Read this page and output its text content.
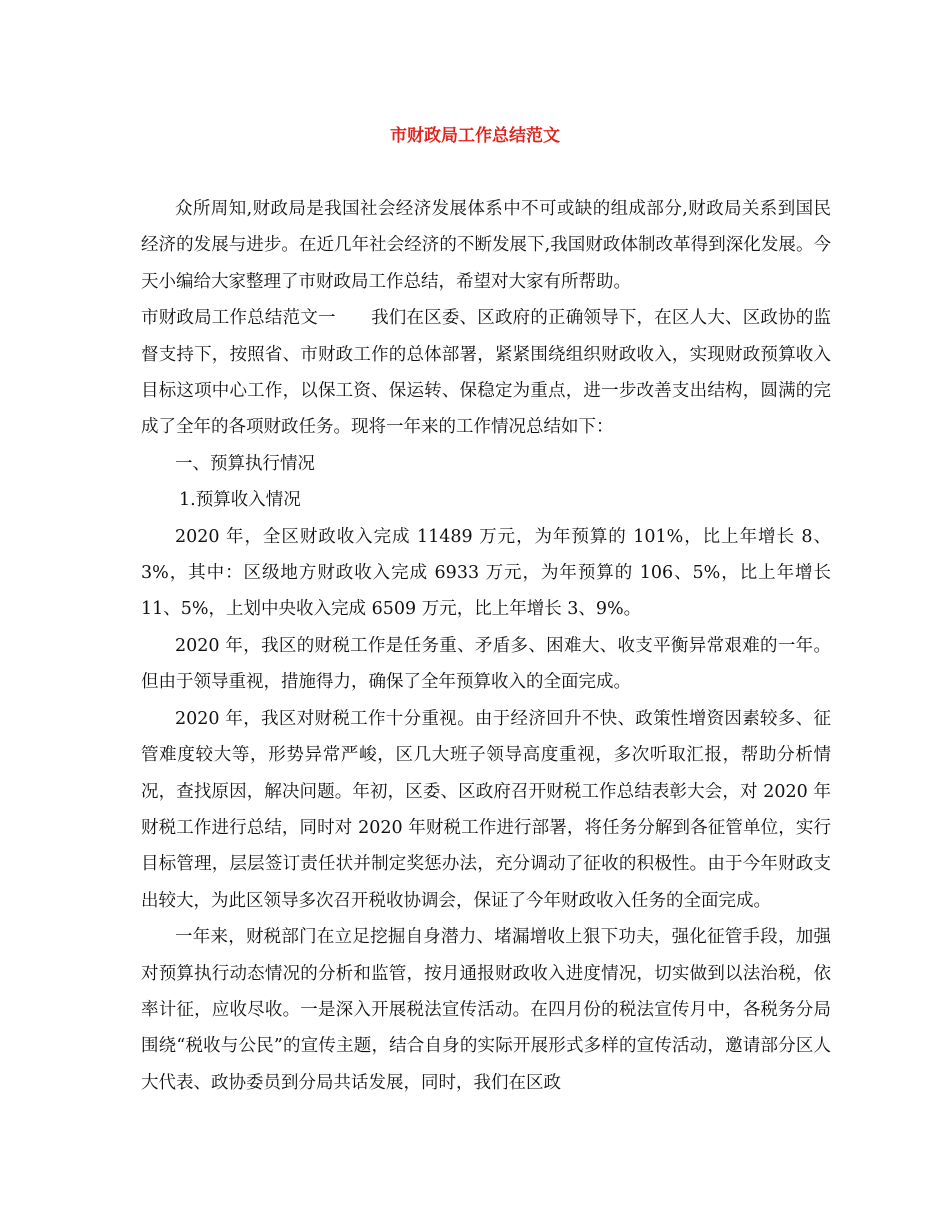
市财政局工作总结范文

众所周知,财政局是我国社会经济发展体系中不可或缺的组成部分,财政局关系到国民经济的发展与进步。在近几年社会经济的不断发展下,我国财政体制改革得到深化发展。今天小编给大家整理了市财政局工作总结，希望对大家有所帮助。

市财政局工作总结范文一　　我们在区委、区政府的正确领导下，在区人大、区政协的监督支持下，按照省、市财政工作的总体部署，紧紧围绕组织财政收入，实现财政预算收入目标这项中心工作，以保工资、保运转、保稳定为重点，进一步改善支出结构，圆满的完成了全年的各项财政任务。现将一年来的工作情况总结如下：

一、预算执行情况

1.预算收入情况

2020 年，全区财政收入完成 11489 万元，为年预算的 101%，比上年增长 8、3%，其中：区级地方财政收入完成 6933 万元，为年预算的 106、5%，比上年增长 11、5%，上划中央收入完成 6509 万元，比上年增长 3、9%。

2020 年，我区的财税工作是任务重、矛盾多、困难大、收支平衡异常艰难的一年。但由于领导重视，措施得力，确保了全年预算收入的全面完成。

2020 年，我区对财税工作十分重视。由于经济回升不快、政策性增资因素较多、征管难度较大等，形势异常严峻，区几大班子领导高度重视，多次听取汇报，帮助分析情况，查找原因，解决问题。年初，区委、区政府召开财税工作总结表彰大会，对 2020 年财税工作进行总结，同时对 2020 年财税工作进行部署，将任务分解到各征管单位，实行目标管理，层层签订责任状并制定奖惩办法，充分调动了征收的积极性。由于今年财政支出较大，为此区领导多次召开税收协调会，保证了今年财政收入任务的全面完成。

一年来，财税部门在立足挖掘自身潜力、堵漏增收上狠下功夫，强化征管手段，加强对预算执行动态情况的分析和监管，按月通报财政收入进度情况，切实做到以法治税，依率计征，应收尽收。一是深入开展税法宣传活动。在四月份的税法宣传月中，各税务分局围绕“税收与公民”的宣传主题，结合自身的实际开展形式多样的宣传活动，邀请部分区人大代表、政协委员到分局共话发展，同时，我们在区政
